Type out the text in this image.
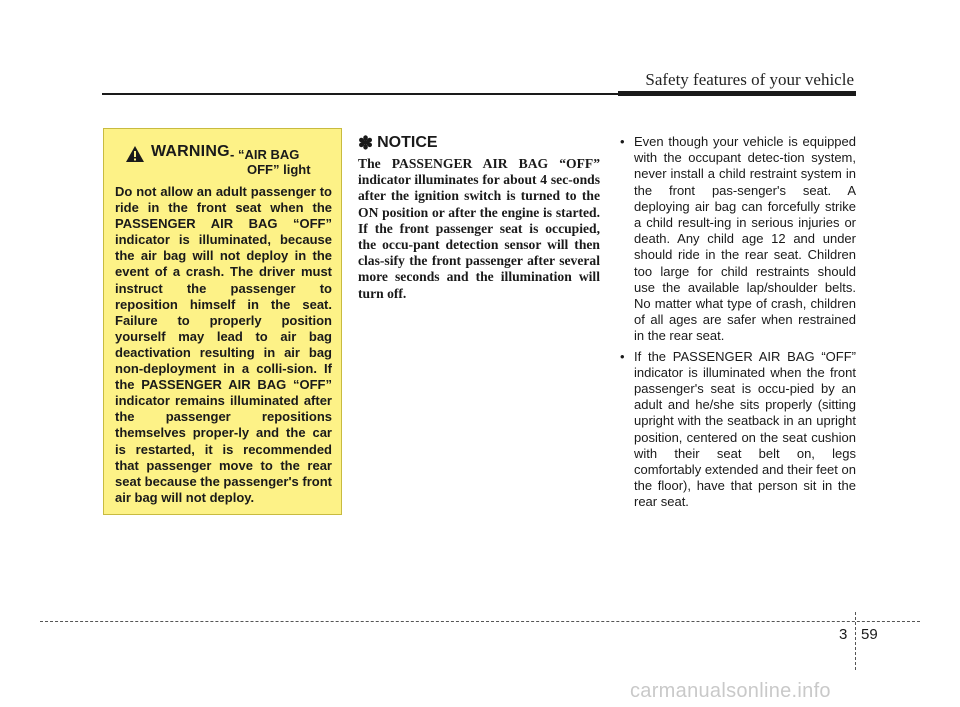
Safety features of your vehicle
WARNING - “AIR BAG
OFF” light
Do not allow an adult passenger to ride in the front seat when the PASSENGER AIR BAG “OFF” indicator is illuminated, because the air bag will not deploy in the event of a crash. The driver must instruct the passenger to reposition himself in the seat. Failure to properly position yourself may lead to air bag deactivation resulting in air bag non-deployment in a colli-sion. If the PASSENGER AIR BAG “OFF” indicator remains illuminated after the passenger repositions themselves proper-ly and the car is restarted, it is recommended that passenger move to the rear seat because the passenger's front air bag will not deploy.
✽ NOTICE
The PASSENGER AIR BAG “OFF” indicator illuminates for about 4 sec-onds after the ignition switch is turned to the ON position or after the engine is started. If the front passenger seat is occupied, the occu-pant detection sensor will then clas-sify the front passenger after several more seconds and the illumination will turn off.
• Even though your vehicle is equipped with the occupant detec-tion system, never install a child restraint system in the front pas-senger's seat. A deploying air bag can forcefully strike a child result-ing in serious injuries or death. Any child age 12 and under should ride in the rear seat. Children too large for child restraints should use the available lap/shoulder belts. No matter what type of crash, children of all ages are safer when restrained in the rear seat.
• If the PASSENGER AIR BAG “OFF” indicator is illuminated when the front passenger's seat is occu-pied by an adult and he/she sits properly (sitting upright with the seatback in an upright position, centered on the seat cushion with their seat belt on, legs comfortably extended and their feet on the floor), have that person sit in the rear seat.
3 59
carmanualsonline.info
